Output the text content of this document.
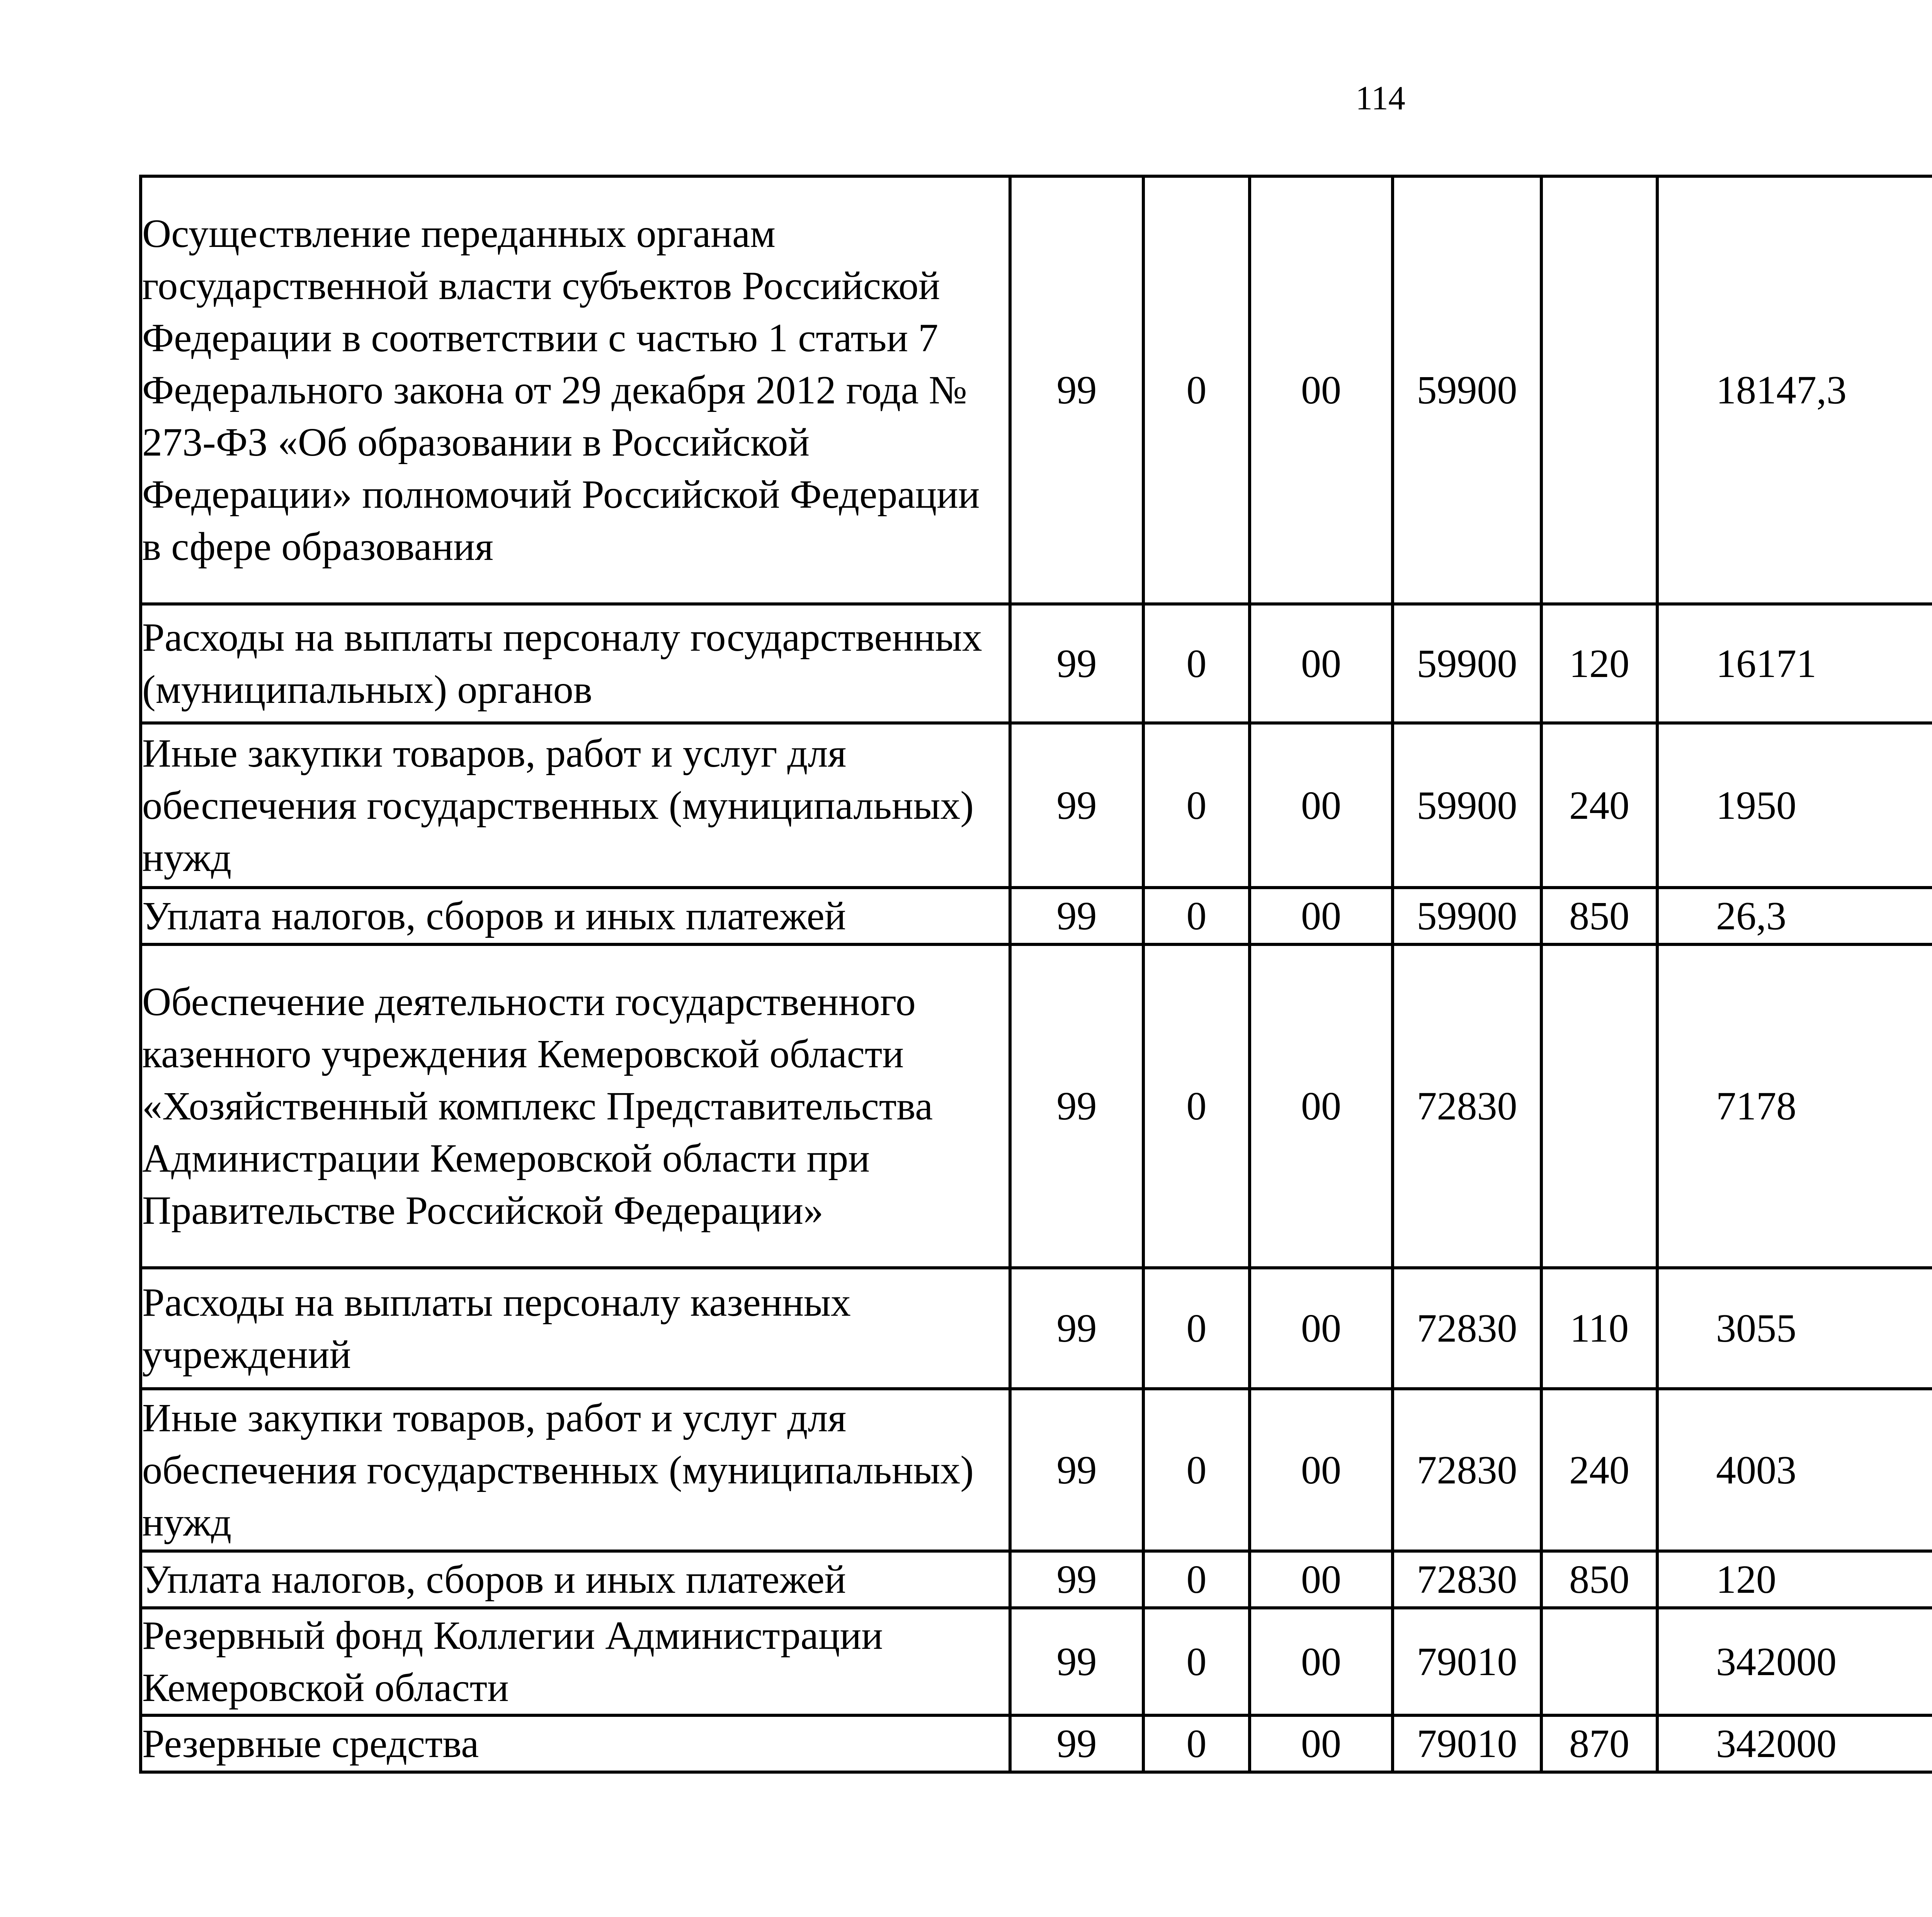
114
Осуществление переданных органам государственной власти субъектов Российской Федерации в соответствии с частью 1 статьи 7 Федерального закона от 29 декабря 2012 года № 273-ФЗ «Об образовании в Российской Федерации» полномочий Российской Федерации в сфере образования	99	0	00	59900		18147,3		
Расходы на выплаты персоналу государственных (муниципальных) органов	99	0	00	59900	120	16171		
Иные закупки товаров, работ и услуг для обеспечения государственных (муниципальных) нужд	99	0	00	59900	240	1950		
Уплата налогов, сборов и иных платежей	99	0	00	59900	850	26,3		
Обеспечение деятельности государственного казенного учреждения Кемеровской области «Хозяйственный комплекс Представительства Администрации Кемеровской области при Правительстве Российской Федерации»	99	0	00	72830		7178		
Расходы на выплаты персоналу казенных учреждений	99	0	00	72830	110	3055		
Иные закупки товаров, работ и услуг для обеспечения государственных (муниципальных) нужд	99	0	00	72830	240	4003		
Уплата налогов, сборов и иных платежей	99	0	00	72830	850	120		
Резервный фонд Коллегии Администрации Кемеровской области	99	0	00	79010		342000		
Резервные средства	99	0	00	79010	870	342000		
